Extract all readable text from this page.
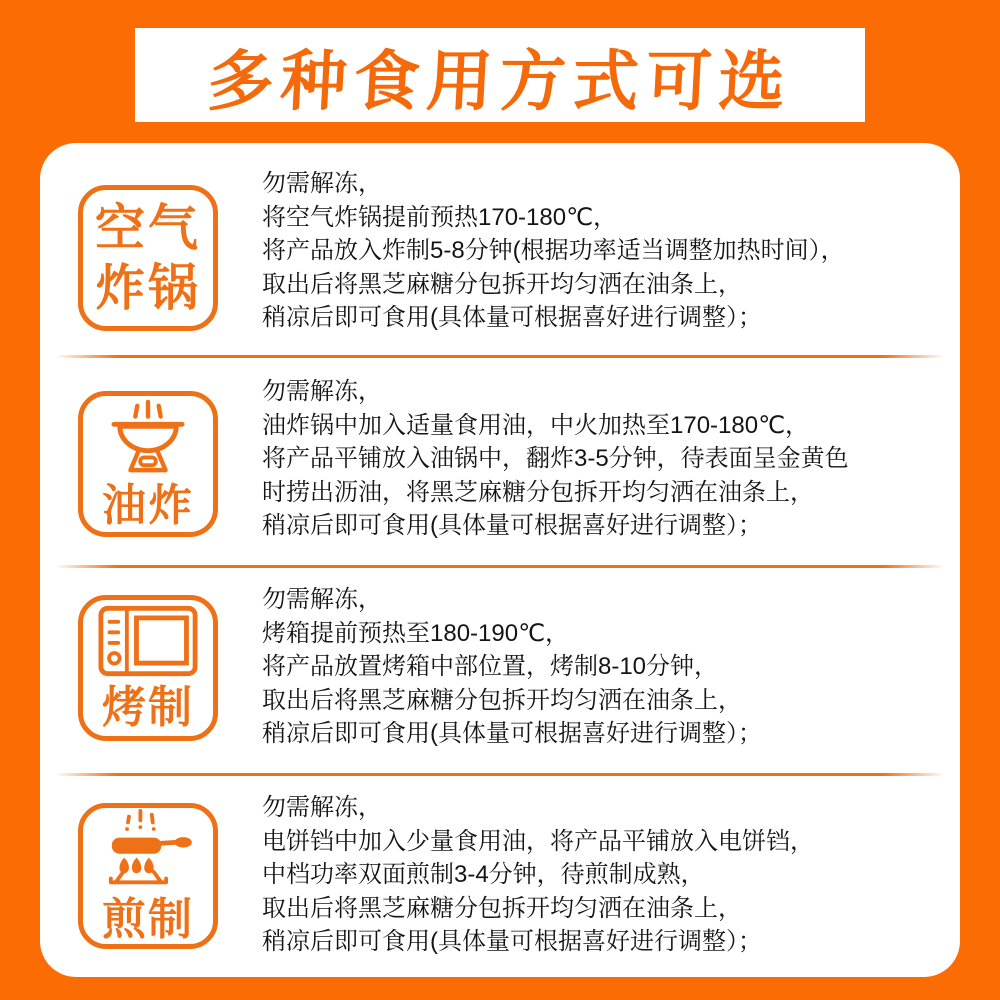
多种食用方式可选
空气
炸锅

勿需解冻，

将空气炸锅提前预热170-180℃，

将产品放入炸制5-8分钟(根据功率适当调整加热时间），

取出后将黑芝麻糖分包拆开均匀洒在油条上，

稍凉后即可食用(具体量可根据喜好进行调整）；

油炸

勿需解冻，

油炸锅中加入适量食用油，中火加热至170-180℃，

将产品平铺放入油锅中，翻炸3-5分钟，待表面呈金黄色

时捞出沥油，将黑芝麻糖分包拆开均匀洒在油条上，

稍凉后即可食用(具体量可根据喜好进行调整）；

烤制

勿需解冻，

烤箱提前预热至180-190℃，

将产品放置烤箱中部位置，烤制8-10分钟，

取出后将黑芝麻糖分包拆开均匀洒在油条上，

稍凉后即可食用(具体量可根据喜好进行调整）；

煎制

勿需解冻，

电饼铛中加入少量食用油，将产品平铺放入电饼铛，

中档功率双面煎制3-4分钟，待煎制成熟，

取出后将黑芝麻糖分包拆开均匀洒在油条上，

稍凉后即可食用(具体量可根据喜好进行调整）；
